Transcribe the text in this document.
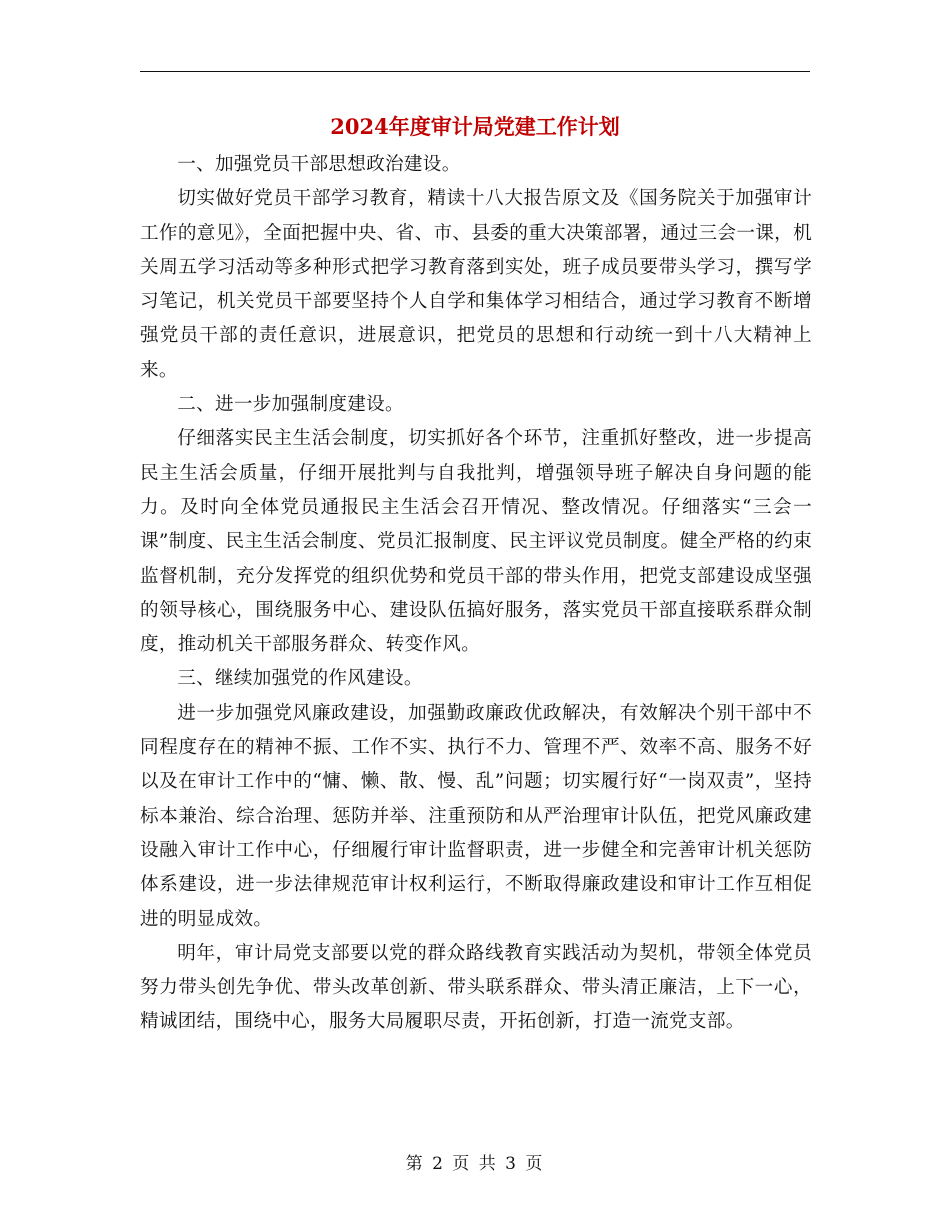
2024年度审计局党建工作计划

一、加强党员干部思想政治建设。

切实做好党员干部学习教育，精读十八大报告原文及《国务院关于加强审计工作的意见》，全面把握中央、省、市、县委的重大决策部署，通过三会一课，机关周五学习活动等多种形式把学习教育落到实处，班子成员要带头学习，撰写学习笔记，机关党员干部要坚持个人自学和集体学习相结合，通过学习教育不断增强党员干部的责任意识，进展意识，把党员的思想和行动统一到十八大精神上来。

二、进一步加强制度建设。

仔细落实民主生活会制度，切实抓好各个环节，注重抓好整改，进一步提高民主生活会质量，仔细开展批判与自我批判，增强领导班子解决自身问题的能力。及时向全体党员通报民主生活会召开情况、整改情况。仔细落实“三会一课”制度、民主生活会制度、党员汇报制度、民主评议党员制度。健全严格的约束监督机制，充分发挥党的组织优势和党员干部的带头作用，把党支部建设成坚强的领导核心，围绕服务中心、建设队伍搞好服务，落实党员干部直接联系群众制度，推动机关干部服务群众、转变作风。

三、继续加强党的作风建设。

进一步加强党风廉政建设，加强勤政廉政优政解决，有效解决个别干部中不同程度存在的精神不振、工作不实、执行不力、管理不严、效率不高、服务不好以及在审计工作中的“慵、懒、散、慢、乱”问题；切实履行好“一岗双责”，坚持标本兼治、综合治理、惩防并举、注重预防和从严治理审计队伍，把党风廉政建设融入审计工作中心，仔细履行审计监督职责，进一步健全和完善审计机关惩防体系建设，进一步法律规范审计权利运行，不断取得廉政建设和审计工作互相促进的明显成效。

明年，审计局党支部要以党的群众路线教育实践活动为契机，带领全体党员努力带头创先争优、带头改革创新、带头联系群众、带头清正廉洁，上下一心，精诚团结，围绕中心，服务大局履职尽责，开拓创新，打造一流党支部。

第 2 页 共 3 页
